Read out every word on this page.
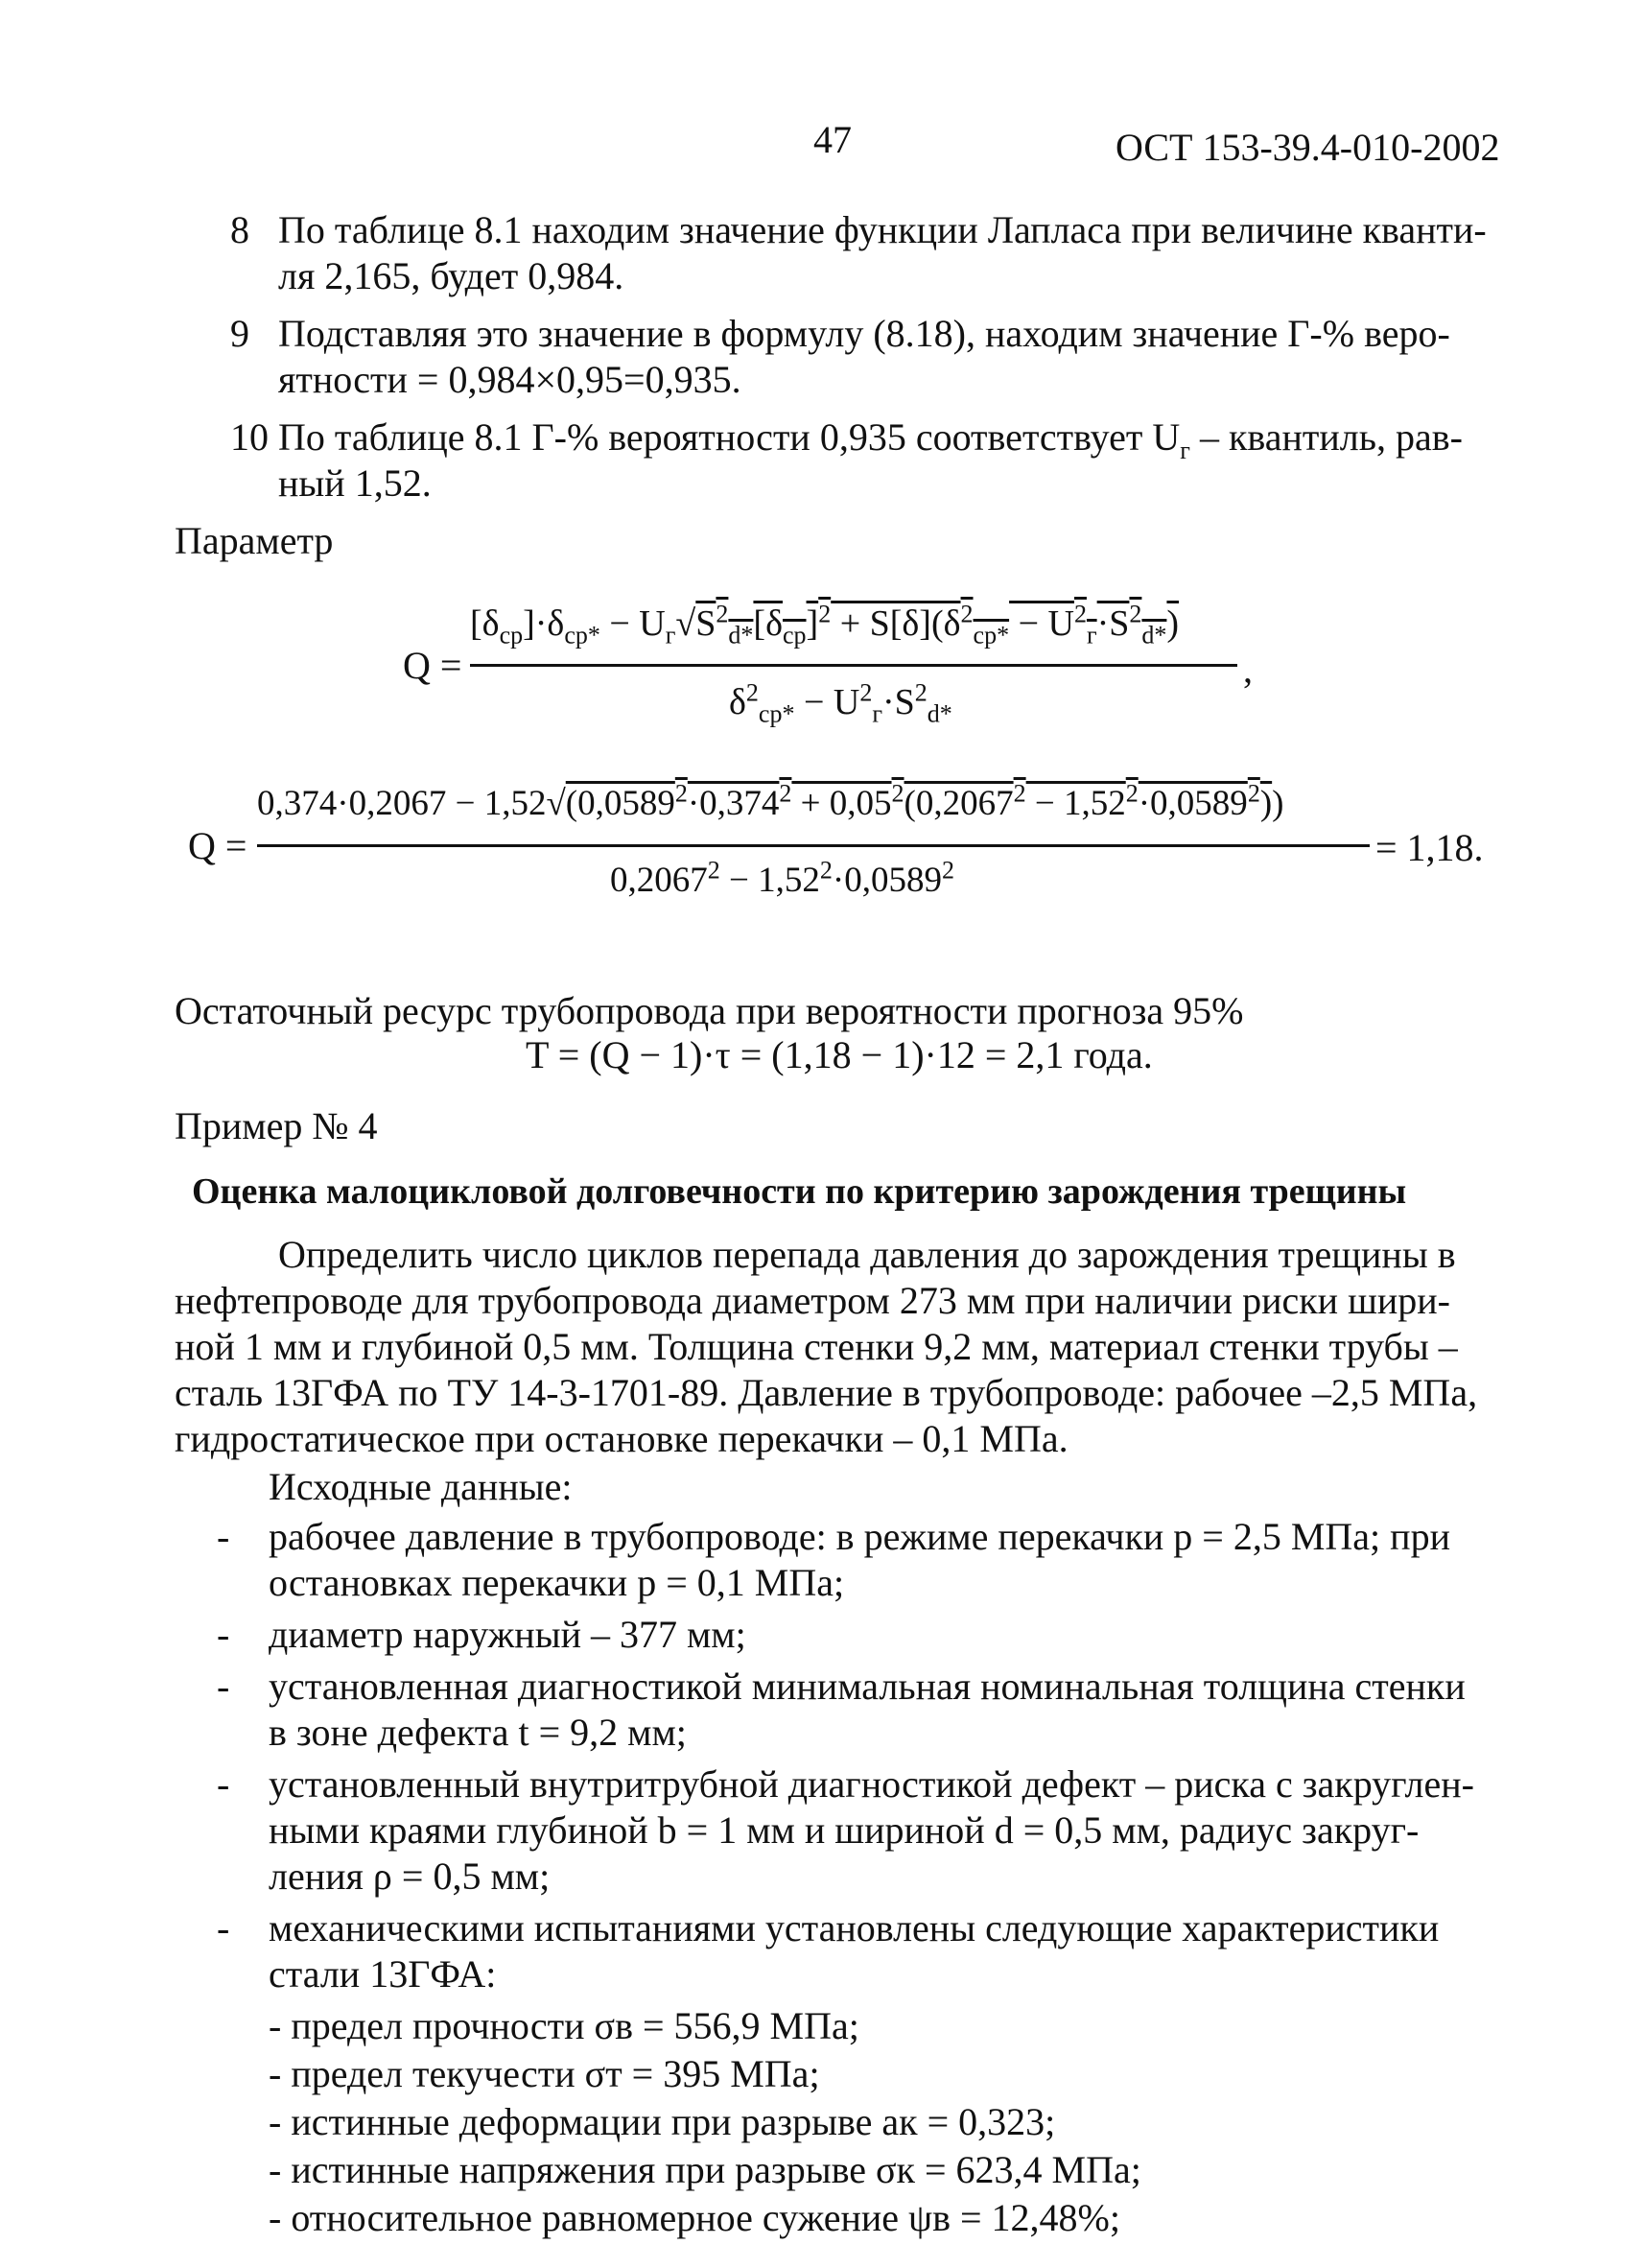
47	ОСТ 153-39.4-010-2002
8 По таблице 8.1 находим значение функции Лапласа при величине кванти-
ля 2,165, будет 0,984.
9 Подставляя это значение в формулу (8.18), находим значение Г-% веро-
ятности = 0,984×0,95=0,935.
10 По таблице 8.1 Г-% вероятности 0,935 соответствует $U_г$ – квантиль, рав-
ный 1,52.
Параметр
Q =
$[\delta_{cp}]\cdot\delta_{cp*} - U_г√S^2_{d*}[\delta_{cp}]^2 + S[\delta](\delta^2_{cp*} - U^2_г\cdot S^2_{d*})$
$\delta^2_{cp*} - U^2_г\cdot S^2_{d*}$
,
Q =
$0,374\cdot 0,2067 - 1,52√(0,0589^2\cdot 0,374^2 + 0,05^2(0,2067^2 - 1,52^2\cdot 0,0589^2))$
$0,2067^2 - 1,52^2\cdot 0,0589^2$
= 1,18.
Остаточный ресурс трубопровода при вероятности прогноза 95%
T = (Q − 1)·τ = (1,18 − 1)·12 = 2,1 года.
Пример № 4
Оценка малоцикловой долговечности по критерию зарождения трещины
Определить число циклов перепада давления до зарождения трещины в
нефтепроводе для трубопровода диаметром 273 мм при наличии риски шири-
ной 1 мм и глубиной 0,5 мм. Толщина стенки 9,2 мм, материал стенки трубы –
сталь 13ГФА по ТУ 14-3-1701-89. Давление в трубопроводе: рабочее –2,5 МПа,
гидростатическое при остановке перекачки – 0,1 МПа.
Исходные данные:
- рабочее давление в трубопроводе: в режиме перекачки p = 2,5 МПа; при
остановках перекачки p = 0,1 МПа;
- диаметр наружный – 377 мм;
- установленная диагностикой минимальная номинальная толщина стенки
в зоне дефекта t = 9,2 мм;
- установленный внутритрубной диагностикой дефект – риска с закруглен-
ными краями глубиной b = 1 мм и шириной d = 0,5 мм, радиус закруг-
ления ρ = 0,5 мм;
- механическими испытаниями установлены следующие характеристики
стали 13ГФА:
- предел прочности σв = 556,9 МПа;
- предел текучести σт = 395 МПа;
- истинные деформации при разрыве aк = 0,323;
- истинные напряжения при разрыве σк = 623,4 МПа;
- относительное равномерное сужение ψв = 12,48%;
